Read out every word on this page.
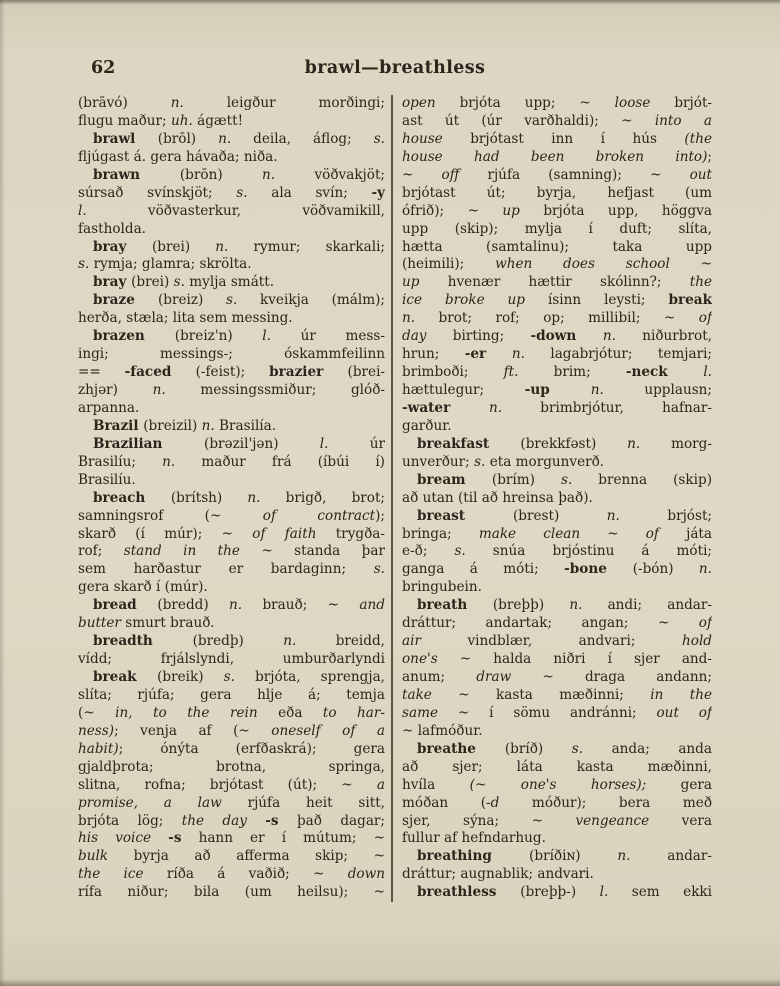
62	brawl—breathless
(brāvó) n. leigður morðingi;
flugu maður; uh. ágætt!
brawl (brōl) n. deila, áflog; s.
fljúgast á. gera hávaða; niða.
brawn (brōn) n. vöðvakjöt;
súrsað svínskjöt; s. ala svín; -y
l. vöðvasterkur, vöðvamikill,
fastholda.
bray (brei) n. rymur; skarkali;
s. rymja; glamra; skrölta.
bray (brei) s. mylja smátt.
braze (breiz) s. kveikja (málm);
herða, stæla; lita sem messing.
brazen (breiz'n) l. úr mess-
ingi; messings-; óskammfeilinn
== -faced (-feist); brazier (brei-
zhjər) n. messingssmiður; glóð-
arpanna.
Brazil (breizil) n. Brasilía.
Brazilian (brəzil'jən) l. úr
Brasilíu; n. maður frá (íbúi í)
Brasilíu.
breach (brítsh) n. brigð, brot;
samningsrof (~ of contract);
skarð (í múr); ~ of faith trygða-
rof; stand in the ~ standa þar
sem harðastur er bardaginn; s.
gera skarð í (múr).
bread (bredd) n. brauð; ~ and
butter smurt brauð.
breadth (bredþ) n. breidd,
vídd; frjálslyndi, umburðarlyndi
break (breik) s. brjóta, sprengja,
slíta; rjúfa; gera hlje á; temja
(~ in, to the rein eða to har-
ness); venja af (~ oneself of a
habit); ónýta (erfðaskrá); gera
gjaldþrota; brotna, springa,
slitna, rofna; brjótast (út); ~ a
promise, a law rjúfa heit sitt,
brjóta lög; the day -s það dagar;
his voice -s hann er í mútum; ~
bulk byrja að afferma skip; ~
the ice ríða á vaðið; ~ down
rífa niður; bila (um heilsu); ~
open brjóta upp; ~ loose brjót-
ast út (úr varðhaldi); ~ into a
house brjótast inn í hús (the
house had been broken into);
~ off rjúfa (samning); ~ out
brjótast út; byrja, hefjast (um
ófrið); ~ up brjóta upp, höggva
upp (skip); mylja í duft; slíta,
hætta (samtalinu); taka upp
(heimili); when does school ~
up hvenær hættir skólinn?; the
ice broke up ísinn leysti; break
n. brot; rof; op; millibil; ~ of
day birting; -down n. niðurbrot,
hrun; -er n. lagabrjótur; temjari;
brimboði; ft. brim; -neck l.
hættulegur; -up n. upplausn;
-water n. brimbrjótur, hafnar-
garður.
breakfast (brekkfəst) n. morg-
unverður; s. eta morgunverð.
bream (brím) s. brenna (skip)
að utan (til að hreinsa það).
breast (brest) n. brjóst;
bringa; make clean ~ of játa
e-ð; s. snúa brjóstinu á móti;
ganga á móti; -bone (-bón) n.
bringubein.
breath (breþþ) n. andi; andar-
dráttur; andartak; angan; ~ of
air vindblær, andvari; hold
one's ~ halda niðri í sjer and-
anum; draw ~ draga andann;
take ~ kasta mæðinni; in the
same ~ í sömu andránni; out of
~ lafmóður.
breathe (bríð) s. anda; anda
að sjer; láta kasta mæðinni,
hvíla (~ one's horses); gera
móðan (-d móður); bera með
sjer, sýna; ~ vengeance vera
fullur af hefndarhug.
breathing (bríðiɴ) n. andar-
dráttur; augnablik; andvari.
breathless (breþþ-) l. sem ekki
